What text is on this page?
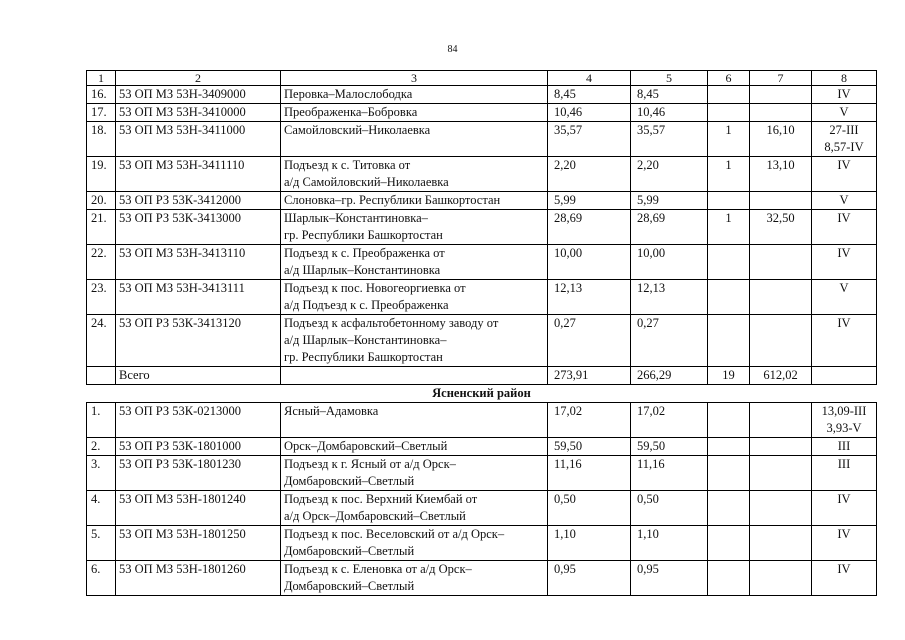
84
1	2	3	4	5	6	7	8
16.	53 ОП МЗ 53Н-3409000	Перовка–Малослободка	8,45	8,45			IV

17.	53 ОП МЗ 53Н-3410000	Преображенка–Бобровка	10,46	10,46			V

18.	53 ОП МЗ 53Н-3411000	Самойловский–Николаевка	35,57	35,57	1	16,10	27-III
8,57-IV

19.	53 ОП МЗ 53Н-3411110	Подъезд к с. Титовка от
а/д Самойловский–Николаевка	2,20	2,20	1	13,10	IV

20.	53 ОП РЗ 53К-3412000	Слоновка–гр. Республики Башкортостан	5,99	5,99			V

21.	53 ОП РЗ 53К-3413000	Шарлык–Константиновка–
гр. Республики Башкортостан	28,69	28,69	1	32,50	IV

22.	53 ОП МЗ 53Н-3413110	Подъезд к с. Преображенка от
а/д Шарлык–Константиновка	10,00	10,00			IV

23.	53 ОП МЗ 53Н-3413111	Подъезд к пос. Новогеоргиевка от
а/д Подъезд к с. Преображенка	12,13	12,13			V

24.	53 ОП РЗ 53К-3413120	Подъезд к асфальтобетонному заводу от
а/д Шарлык–Константиновка–
гр. Республики Башкортостан	0,27	0,27			IV

	Всего		273,91	266,29	19	612,02	
Ясненский район							
1.	53 ОП РЗ 53К-0213000	Ясный–Адамовка	17,02	17,02			13,09-III
3,93-V

2.	53 ОП РЗ 53К-1801000	Орск–Домбаровский–Светлый	59,50	59,50			III

3.	53 ОП РЗ 53К-1801230	Подъезд к г. Ясный от а/д Орск–
Домбаровский–Светлый	11,16	11,16			III

4.	53 ОП МЗ 53Н-1801240	Подъезд к пос. Верхний Киембай от
а/д Орск–Домбаровский–Светлый	0,50	0,50			IV

5.	53 ОП МЗ 53Н-1801250	Подъезд к пос. Веселовский от а/д Орск–
Домбаровский–Светлый	1,10	1,10			IV

6.	53 ОП МЗ 53Н-1801260	Подъезд к с. Еленовка от а/д Орск–
Домбаровский–Светлый	0,95	0,95			IV
